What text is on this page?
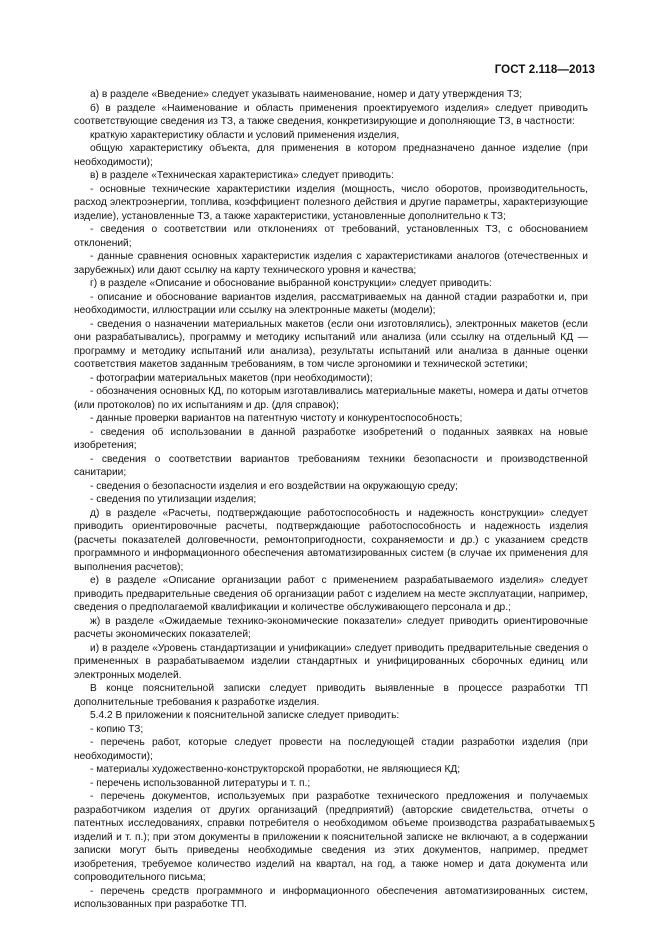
ГОСТ 2.118—2013

а) в разделе «Введение» следует указывать наименование, номер и дату утверждения ТЗ;

б) в разделе «Наименование и область применения проектируемого изделия» следует приводить соответствующие сведения из ТЗ, а также сведения, конкретизирующие и дополняющие ТЗ, в частности:

краткую характеристику области и условий применения изделия,

общую характеристику объекта, для применения в котором предназначено данное изделие (при необходимости);

в) в разделе «Техническая характеристика» следует приводить:

- основные технические характеристики изделия (мощность, число оборотов, производительность, расход электроэнергии, топлива, коэффициент полезного действия и другие параметры, характеризующие изделие), установленные ТЗ, а также характеристики, установленные дополнительно к ТЗ;

- сведения о соответствии или отклонениях от требований, установленных ТЗ, с обоснованием отклонений;

- данные сравнения основных характеристик изделия с характеристиками аналогов (отечественных и зарубежных) или дают ссылку на карту технического уровня и качества;

г) в разделе «Описание и обоснование выбранной конструкции» следует приводить:

- описание и обоснование вариантов изделия, рассматриваемых на данной стадии разработки и, при необходимости, иллюстрации или ссылку на электронные макеты (модели);

- сведения о назначении материальных макетов (если они изготовлялись), электронных макетов (если они разрабатывались), программу и методику испытаний или анализа (или ссылку на отдельный КД — программу и методику испытаний или анализа), результаты испытаний или анализа в данные оценки соответствия макетов заданным требованиям, в том числе эргономики и технической эстетики;

- фотографии материальных макетов (при необходимости);

- обозначения основных КД, по которым изготавливались материальные макеты, номера и даты отчетов (или протоколов) по их испытаниям и др. (для справок);

- данные проверки вариантов на патентную чистоту и конкурентоспособность;

- сведения об использовании в данной разработке изобретений о поданных заявках на новые изобретения;

- сведения о соответствии вариантов требованиям техники безопасности и производственной санитарии;

- сведения о безопасности изделия и его воздействии на окружающую среду;

- сведения по утилизации изделия;

д) в разделе «Расчеты, подтверждающие работоспособность и надежность конструкции» следует приводить ориентировочные расчеты, подтверждающие работоспособность и надежность изделия (расчеты показателей долговечности, ремонтопригодности, сохраняемости и др.) с указанием средств программного и информационного обеспечения автоматизированных систем (в случае их применения для выполнения расчетов);

е) в разделе «Описание организации работ с применением разрабатываемого изделия» следует приводить предварительные сведения об организации работ с изделием на месте эксплуатации, например, сведения о предполагаемой квалификации и количестве обслуживающего персонала и др.;

ж) в разделе «Ожидаемые технико-экономические показатели» следует приводить ориентировочные расчеты экономических показателей;

и) в разделе «Уровень стандартизации и унификации» следует приводить предварительные сведения о примененных в разрабатываемом изделии стандартных и унифицированных сборочных единиц или электронных моделей.

В конце пояснительной записки следует приводить выявленные в процессе разработки ТП дополнительные требования к разработке изделия.

5.4.2 В приложении к пояснительной записке следует приводить:

- копию ТЗ;

- перечень работ, которые следует провести на последующей стадии разработки изделия (при необходимости);

- материалы художественно-конструкторской проработки, не являющиеся КД;

- перечень использованной литературы и т. п.;

- перечень документов, используемых при разработке технического предложения и получаемых разработчиком изделия от других организаций (предприятий) (авторские свидетельства, отчеты о патентных исследованиях, справки потребителя о необходимом объеме производства разрабатываемых изделий и т. п.); при этом документы в приложении к пояснительной записке не включают, а в содержании записки могут быть приведены необходимые сведения из этих документов, например, предмет изобретения, требуемое количество изделий на квартал, на год, а также номер и дата документа или сопроводительного письма;

- перечень средств программного и информационного обеспечения автоматизированных систем, использованных при разработке ТП.

5
